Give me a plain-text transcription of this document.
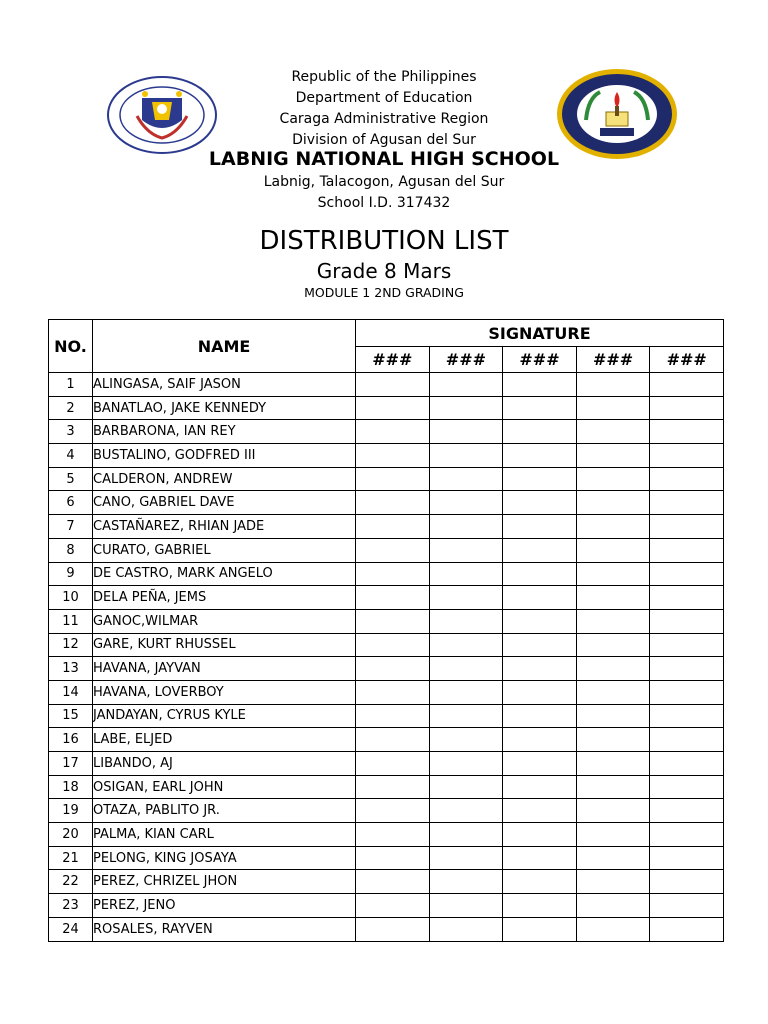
Republic of the Philippines
Department of Education
Caraga Administrative Region
Division of Agusan del Sur
LABNIG NATIONAL HIGH SCHOOL
Labnig, Talacogon, Agusan del Sur
School I.D. 317432
DISTRIBUTION LIST
Grade 8 Mars
MODULE 1 2ND GRADING
NO.	NAME	SIGNATURE				
		###	###	###	###	###
1	ALINGASA, SAIF JASON					
2	BANATLAO, JAKE KENNEDY					
3	BARBARONA, IAN REY					
4	BUSTALINO, GODFRED III					
5	CALDERON, ANDREW					
6	CANO, GABRIEL DAVE					
7	CASTAÑAREZ, RHIAN JADE					
8	CURATO, GABRIEL					
9	DE CASTRO, MARK ANGELO					
10	DELA PEÑA, JEMS					
11	GANOC,WILMAR					
12	GARE, KURT RHUSSEL					
13	HAVANA, JAYVAN					
14	HAVANA, LOVERBOY					
15	JANDAYAN, CYRUS KYLE					
16	LABE, ELJED					
17	LIBANDO, AJ					
18	OSIGAN, EARL JOHN					
19	OTAZA, PABLITO JR.					
20	PALMA, KIAN CARL					
21	PELONG, KING JOSAYA					
22	PEREZ, CHRIZEL JHON					
23	PEREZ, JENO					
24	ROSALES, RAYVEN					
